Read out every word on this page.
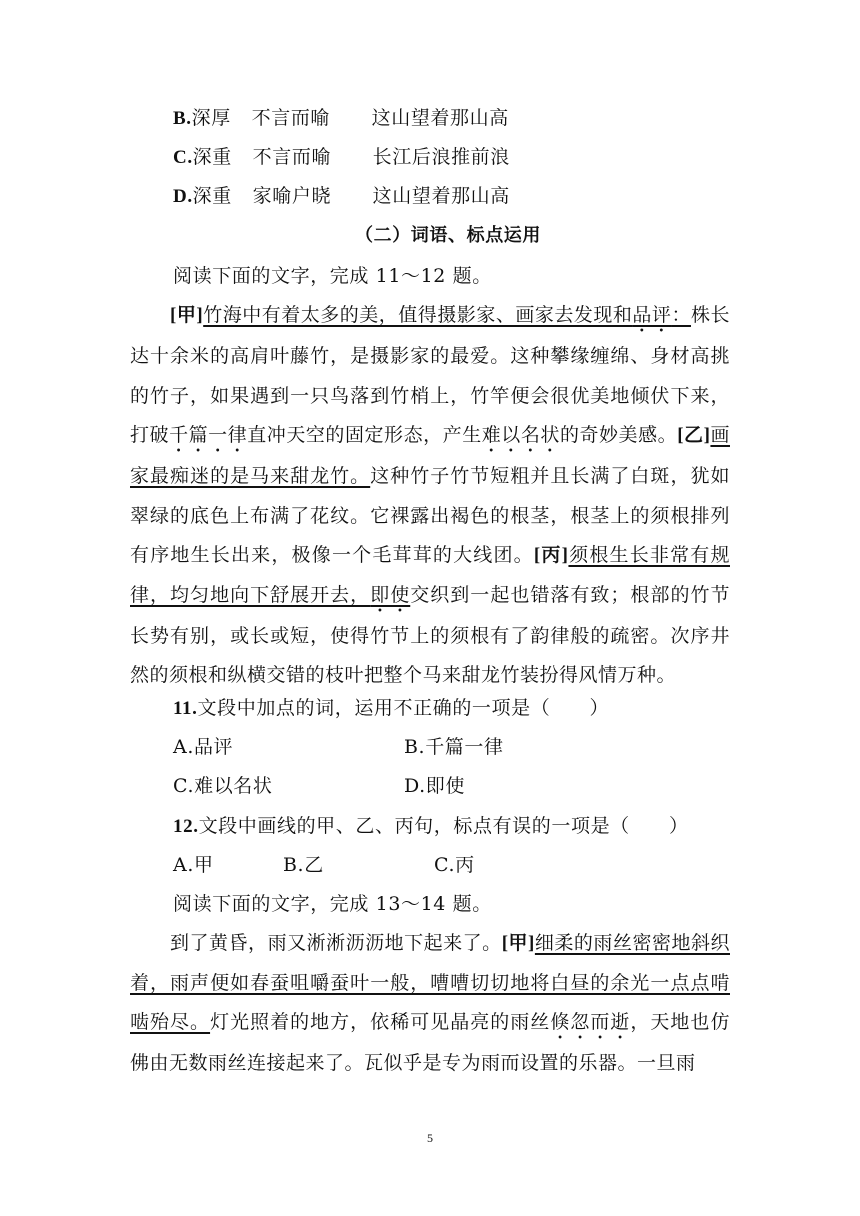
B.深厚 不言而喻 这山望着那山高
C.深重 不言而喻 长江后浪推前浪
D.深重 家喻户晓 这山望着那山高
（二）词语、标点运用
阅读下面的文字，完成 11～12 题。
[甲]竹海中有着太多的美，值得摄影家、画家去发现和品评：株长达十余米的高肩叶藤竹，是摄影家的最爱。这种攀缘缠绵、身材高挑的竹子，如果遇到一只鸟落到竹梢上，竹竿便会很优美地倾伏下来，打破千篇一律直冲天空的固定形态，产生难以名状的奇妙美感。[乙]画家最痴迷的是马来甜龙竹。这种竹子竹节短粗并且长满了白斑，犹如翠绿的底色上布满了花纹。它裸露出褐色的根茎，根茎上的须根排列有序地生长出来，极像一个毛茸茸的大线团。[丙]须根生长非常有规律，均匀地向下舒展开去，即使交织到一起也错落有致；根部的竹节长势有别，或长或短，使得竹节上的须根有了韵律般的疏密。次序井然的须根和纵横交错的枝叶把整个马来甜龙竹装扮得风情万种。
11.文段中加点的词，运用不正确的一项是（　　）
A.品评	B.千篇一律
C.难以名状	D.即使
12.文段中画线的甲、乙、丙句，标点有误的一项是（　　）
A.甲	B.乙	C.丙
阅读下面的文字，完成 13～14 题。
到了黄昏，雨又淅淅沥沥地下起来了。[甲]细柔的雨丝密密地斜织着，雨声便如春蚕咀嚼蚕叶一般，嘈嘈切切地将白昼的余光一点点啃啮殆尽。灯光照着的地方，依稀可见晶亮的雨丝倏忽而逝，天地也仿佛由无数雨丝连接起来了。瓦似乎是专为雨而设置的乐器。一旦雨
5
